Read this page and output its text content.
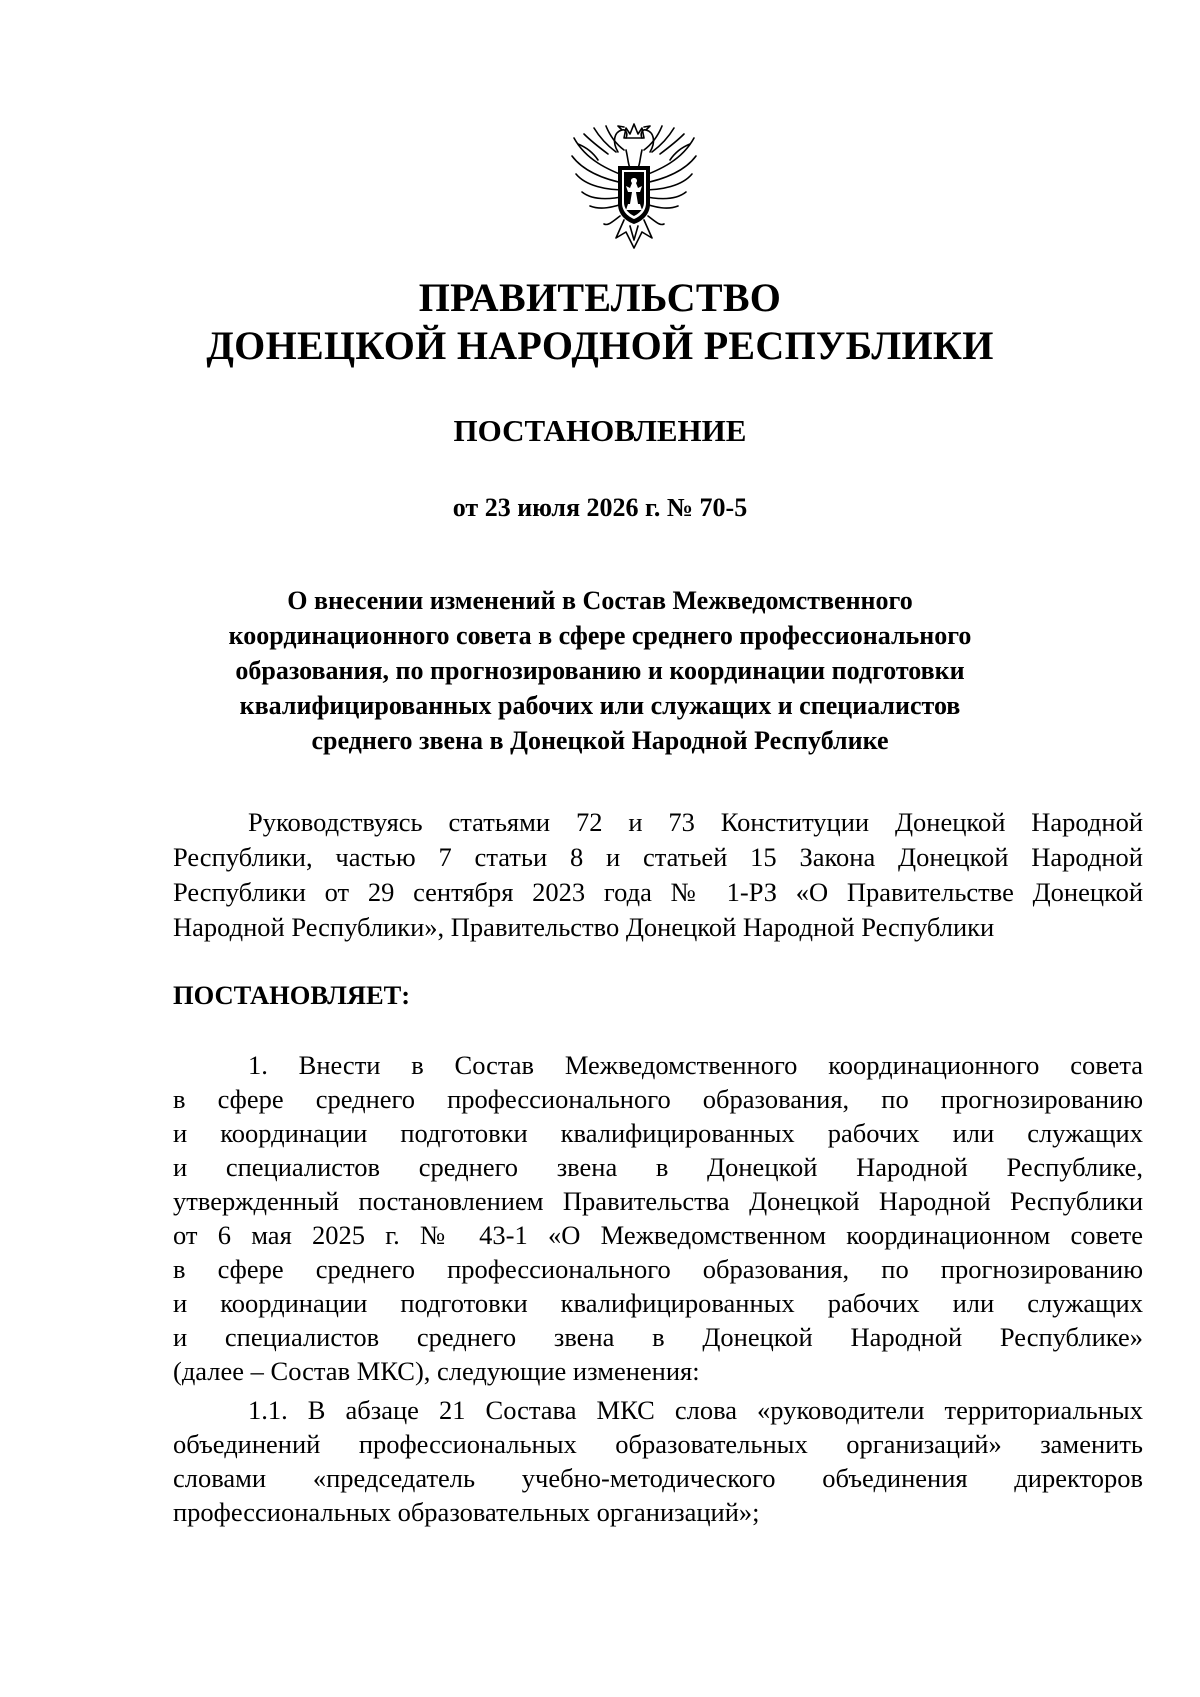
ПРАВИТЕЛЬСТВО
ДОНЕЦКОЙ НАРОДНОЙ РЕСПУБЛИКИ
ПОСТАНОВЛЕНИЕ
от 23 июля 2026 г. № 70-5
О внесении изменений в Состав Межведомственного
координационного совета в сфере среднего профессионального
образования, по прогнозированию и координации подготовки
квалифицированных рабочих или служащих и специалистов
среднего звена в Донецкой Народной Республике
Руководствуясь статьями 72 и 73 Конституции Донецкой Народной
Республики, частью 7 статьи 8 и статьей 15 Закона Донецкой Народной
Республики от 29 сентября 2023 года № 1-РЗ «О Правительстве Донецкой
Народной Республики», Правительство Донецкой Народной Республики
ПОСТАНОВЛЯЕТ:
1. Внести в Состав Межведомственного координационного совета
в сфере среднего профессионального образования, по прогнозированию
и координации подготовки квалифицированных рабочих или служащих
и специалистов среднего звена в Донецкой Народной Республике,
утвержденный постановлением Правительства Донецкой Народной Республики
от 6 мая 2025 г. № 43-1 «О Межведомственном координационном совете
в сфере среднего профессионального образования, по прогнозированию
и координации подготовки квалифицированных рабочих или служащих
и специалистов среднего звена в Донецкой Народной Республике»
(далее – Состав МКС), следующие изменения:
1.1. В абзаце 21 Состава МКС слова «руководители территориальных
объединений профессиональных образовательных организаций» заменить
словами «председатель учебно-методического объединения директоров
профессиональных образовательных организаций»;
